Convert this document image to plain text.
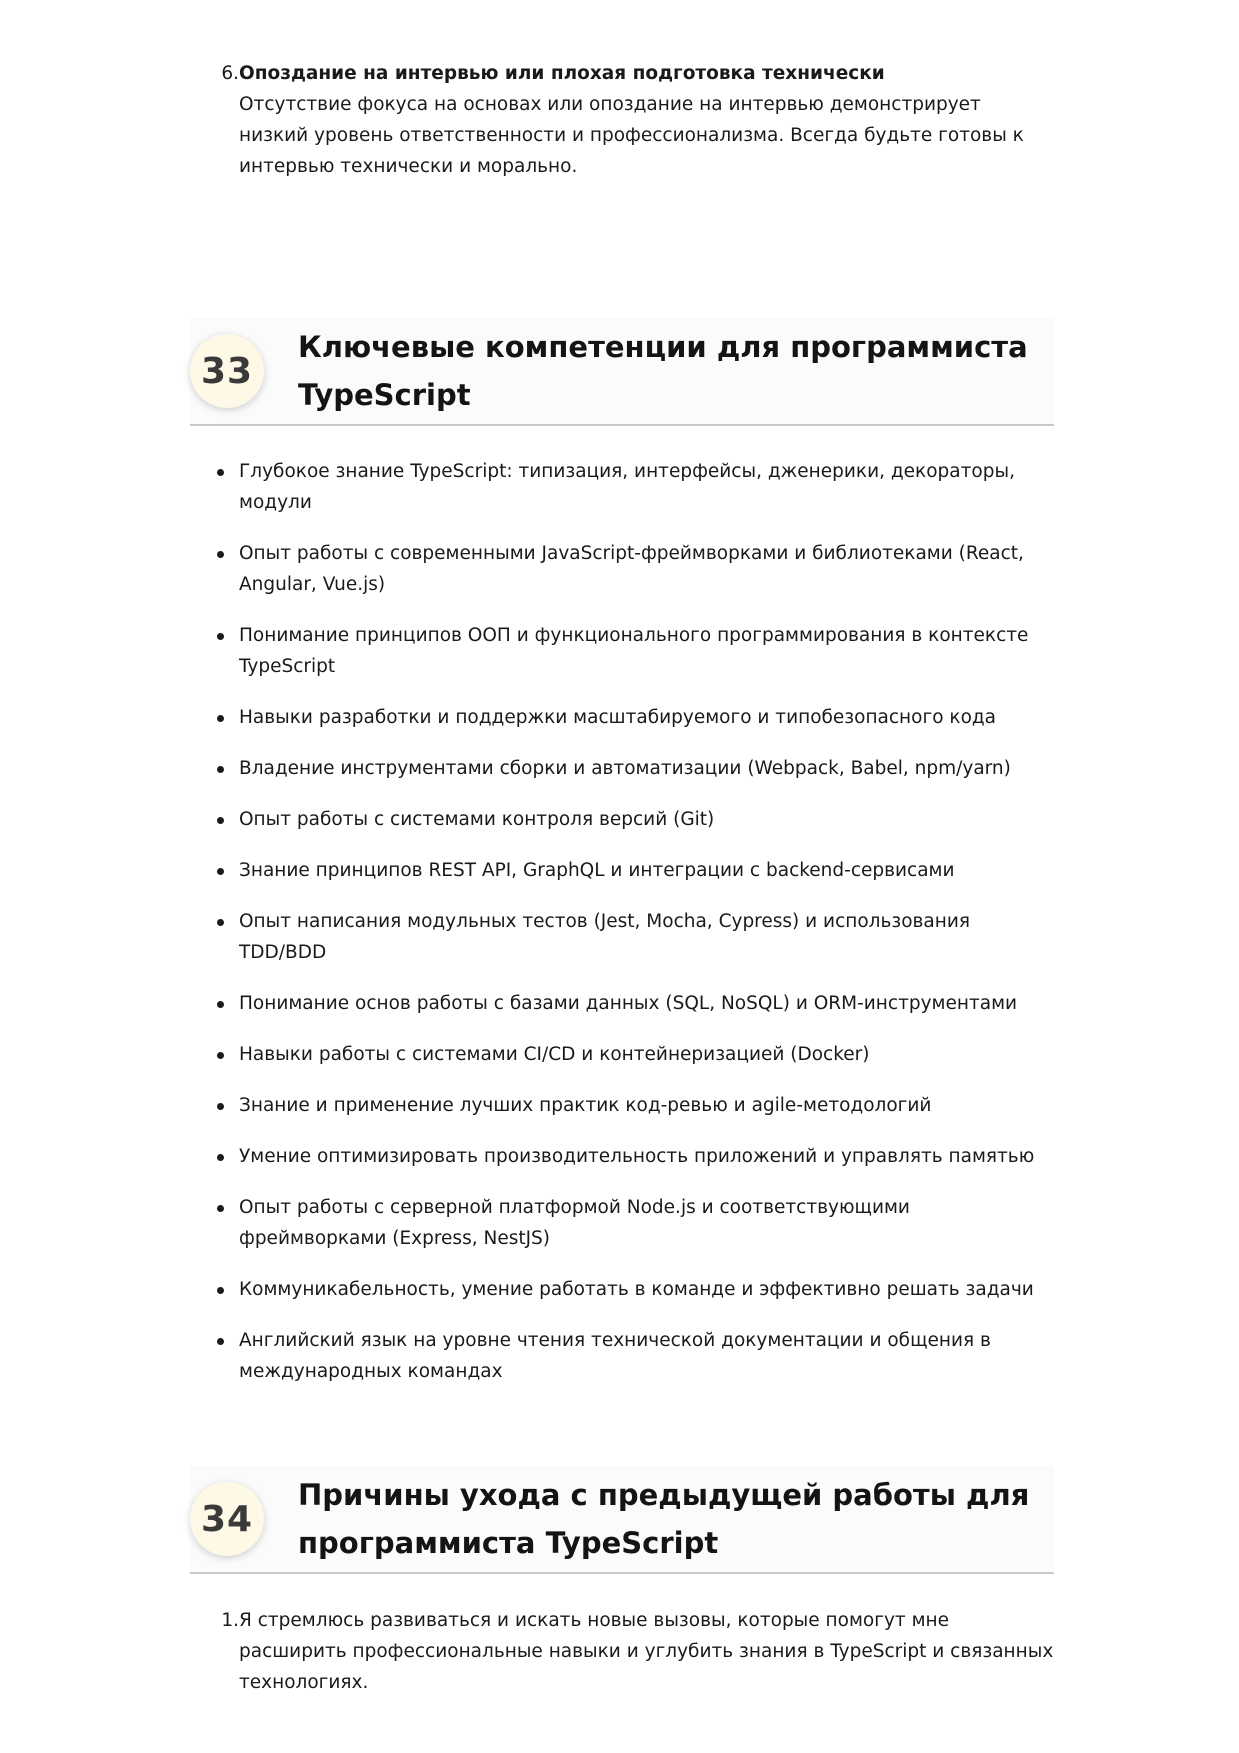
6. Опоздание на интервью или плохая подготовка технически
Отсутствие фокуса на основах или опоздание на интервью демонстрирует низкий уровень ответственности и профессионализма. Всегда будьте готовы к интервью технически и морально.
33
Ключевые компетенции для программиста TypeScript
Глубокое знание TypeScript: типизация, интерфейсы, дженерики, декораторы, модули
Опыт работы с современными JavaScript-фреймворками и библиотеками (React, Angular, Vue.js)
Понимание принципов ООП и функционального программирования в контексте TypeScript
Навыки разработки и поддержки масштабируемого и типобезопасного кода
Владение инструментами сборки и автоматизации (Webpack, Babel, npm/yarn)
Опыт работы с системами контроля версий (Git)
Знание принципов REST API, GraphQL и интеграции с backend-сервисами
Опыт написания модульных тестов (Jest, Mocha, Cypress) и использования TDD/BDD
Понимание основ работы с базами данных (SQL, NoSQL) и ORM-инструментами
Навыки работы с системами CI/CD и контейнеризацией (Docker)
Знание и применение лучших практик код-ревью и agile-методологий
Умение оптимизировать производительность приложений и управлять памятью
Опыт работы с серверной платформой Node.js и соответствующими фреймворками (Express, NestJS)
Коммуникабельность, умение работать в команде и эффективно решать задачи
Английский язык на уровне чтения технической документации и общения в международных командах
34
Причины ухода с предыдущей работы для программиста TypeScript
1. Я стремлюсь развиваться и искать новые вызовы, которые помогут мне расширить профессиональные навыки и углубить знания в TypeScript и связанных технологиях.
